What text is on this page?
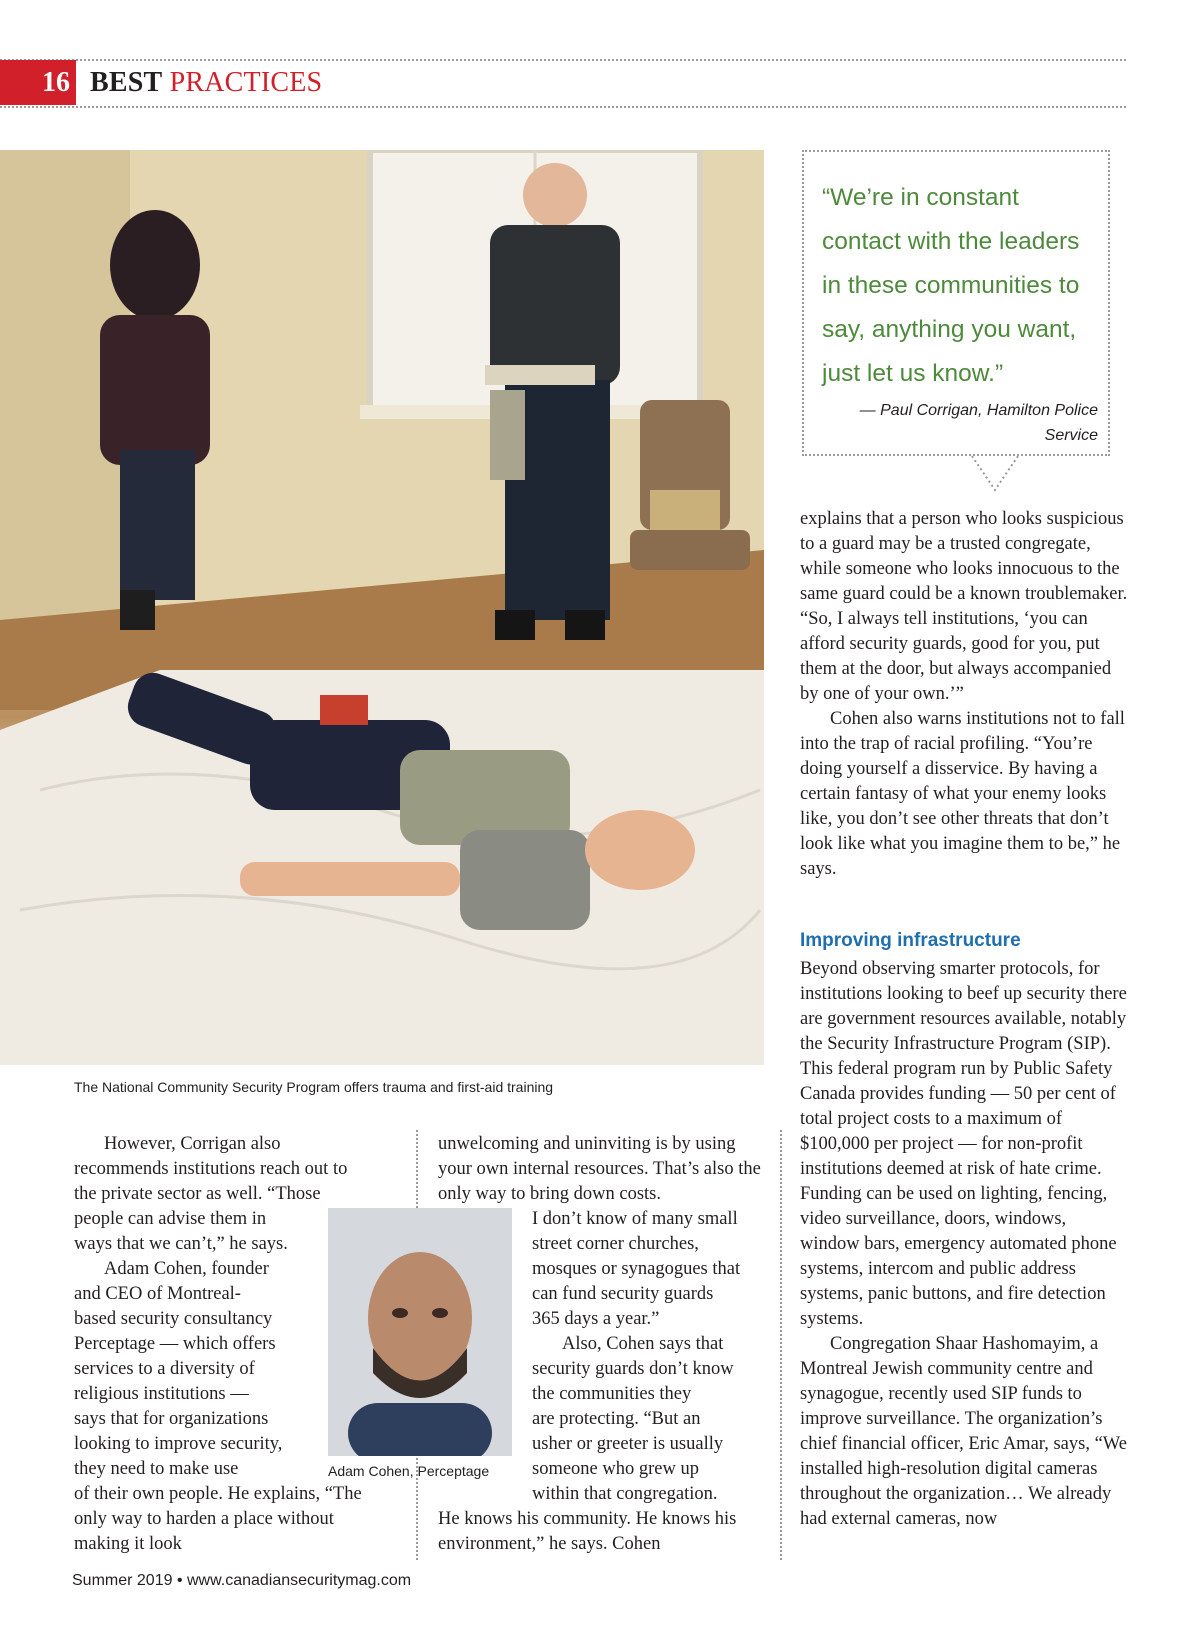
16 BEST PRACTICES
The National Community Security Program offers trauma and first-aid training
“We’re in constant contact with the leaders in these communities to say, anything you want, just let us know.”
— Paul Corrigan, Hamilton Police Service

However, Corrigan also recommends institutions reach out to the private sector as well. “Those

people can advise them in
ways that we can’t,” he says.
Adam Cohen, founder
and CEO of Montreal-
based security consultancy
Perceptage — which offers
services to a diversity of
religious institutions —
says that for organizations
looking to improve security,
they need to make use

of their own people. He explains, “The only way to harden a place without making it look

Adam Cohen, Perceptage

unwelcoming and uninviting is by using your own internal resources. That’s also the only way to bring down costs.

I don’t know of many small
street corner churches,
mosques or synagogues that
can fund security guards
365 days a year.”
Also, Cohen says that
security guards don’t know
the communities they
are protecting. “But an
usher or greeter is usually
someone who grew up
within that congregation.

He knows his community. He knows his environment,” he says. Cohen

explains that a person who looks suspicious to a guard may be a trusted congregate, while someone who looks innocuous to the same guard could be a known troublemaker. “So, I always tell institutions, ‘you can afford security guards, good for you, put them at the door, but always accompanied by one of your own.’”

Cohen also warns institutions not to fall into the trap of racial profiling. “You’re doing yourself a disservice. By having a certain fantasy of what your enemy looks like, you don’t see other threats that don’t look like what you imagine them to be,” he says.

Improving infrastructure

Beyond observing smarter protocols, for institutions looking to beef up security there are government resources available, notably the Security Infrastructure Program (SIP). This federal program run by Public Safety Canada provides funding — 50 per cent of total project costs to a maximum of $100,000 per project — for non-profit institutions deemed at risk of hate crime. Funding can be used on lighting, fencing, video surveillance, doors, windows, window bars, emergency automated phone systems, intercom and public address systems, panic buttons, and fire detection systems.

Congregation Shaar Hashomayim, a Montreal Jewish community centre and synagogue, recently used SIP funds to improve surveillance. The organization’s chief financial officer, Eric Amar, says, “We installed high-resolution digital cameras throughout the organization… We already had external cameras, now

Summer 2019 • www.canadiansecuritymag.com
